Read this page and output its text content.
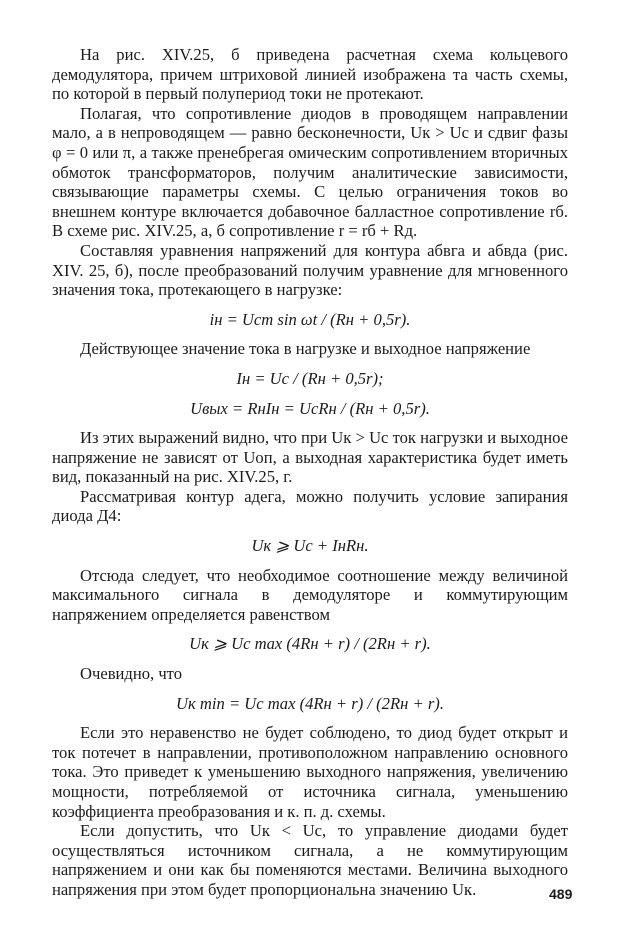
На рис. XIV.25, б приведена расчетная схема кольцевого демодулятора, причем штриховой линией изображена та часть схемы, по которой в первый полупериод токи не протекают.

Полагая, что сопротивление диодов в проводящем направлении мало, а в непроводящем — равно бесконечности, Uк > Uc и сдвиг фазы φ = 0 или π, а также пренебрегая омическим сопротивлением вторичных обмоток трансформаторов, получим аналитические зависимости, связывающие параметры схемы. С целью ограничения токов во внешнем контуре включается добавочное балластное сопротивление rб. В схеме рис. XIV.25, а, б сопротивление r = rб + Rд.

Составляя уравнения напряжений для контура абвга и абвда (рис. XIV. 25, б), после преобразований получим уравнение для мгновенного значения тока, протекающего в нагрузке:

iн = Ucm sin ωt / (Rн + 0,5r).

Действующее значение тока в нагрузке и выходное напряжение

Iн = Uc / (Rн + 0,5r);
Uвых = RнIн = UcRн / (Rн + 0,5r).

Из этих выражений видно, что при Uк > Uc ток нагрузки и выходное напряжение не зависят от Uоп, а выходная характеристика будет иметь вид, показанный на рис. XIV.25, г.

Рассматривая контур адега, можно получить условие запирания диода Д4:

Uк ⩾ Uc + IнRн.

Отсюда следует, что необходимое соотношение между величиной максимального сигнала в демодуляторе и коммутирующим напряжением определяется равенством

Uк ⩾ Uc max (4Rн + r) / (2Rн + r).

Очевидно, что

Uк min = Uc max (4Rн + r) / (2Rн + r).

Если это неравенство не будет соблюдено, то диод будет открыт и ток потечет в направлении, противоположном направлению основного тока. Это приведет к уменьшению выходного напряжения, увеличению мощности, потребляемой от источника сигнала, уменьшению коэффициента преобразования и к. п. д. схемы.

Если допустить, что Uк < Uc, то управление диодами будет осуществляться источником сигнала, а не коммутирующим напряжением и они как бы поменяются местами. Величина выходного напряжения при этом будет пропорциональна значению Uк.	489
